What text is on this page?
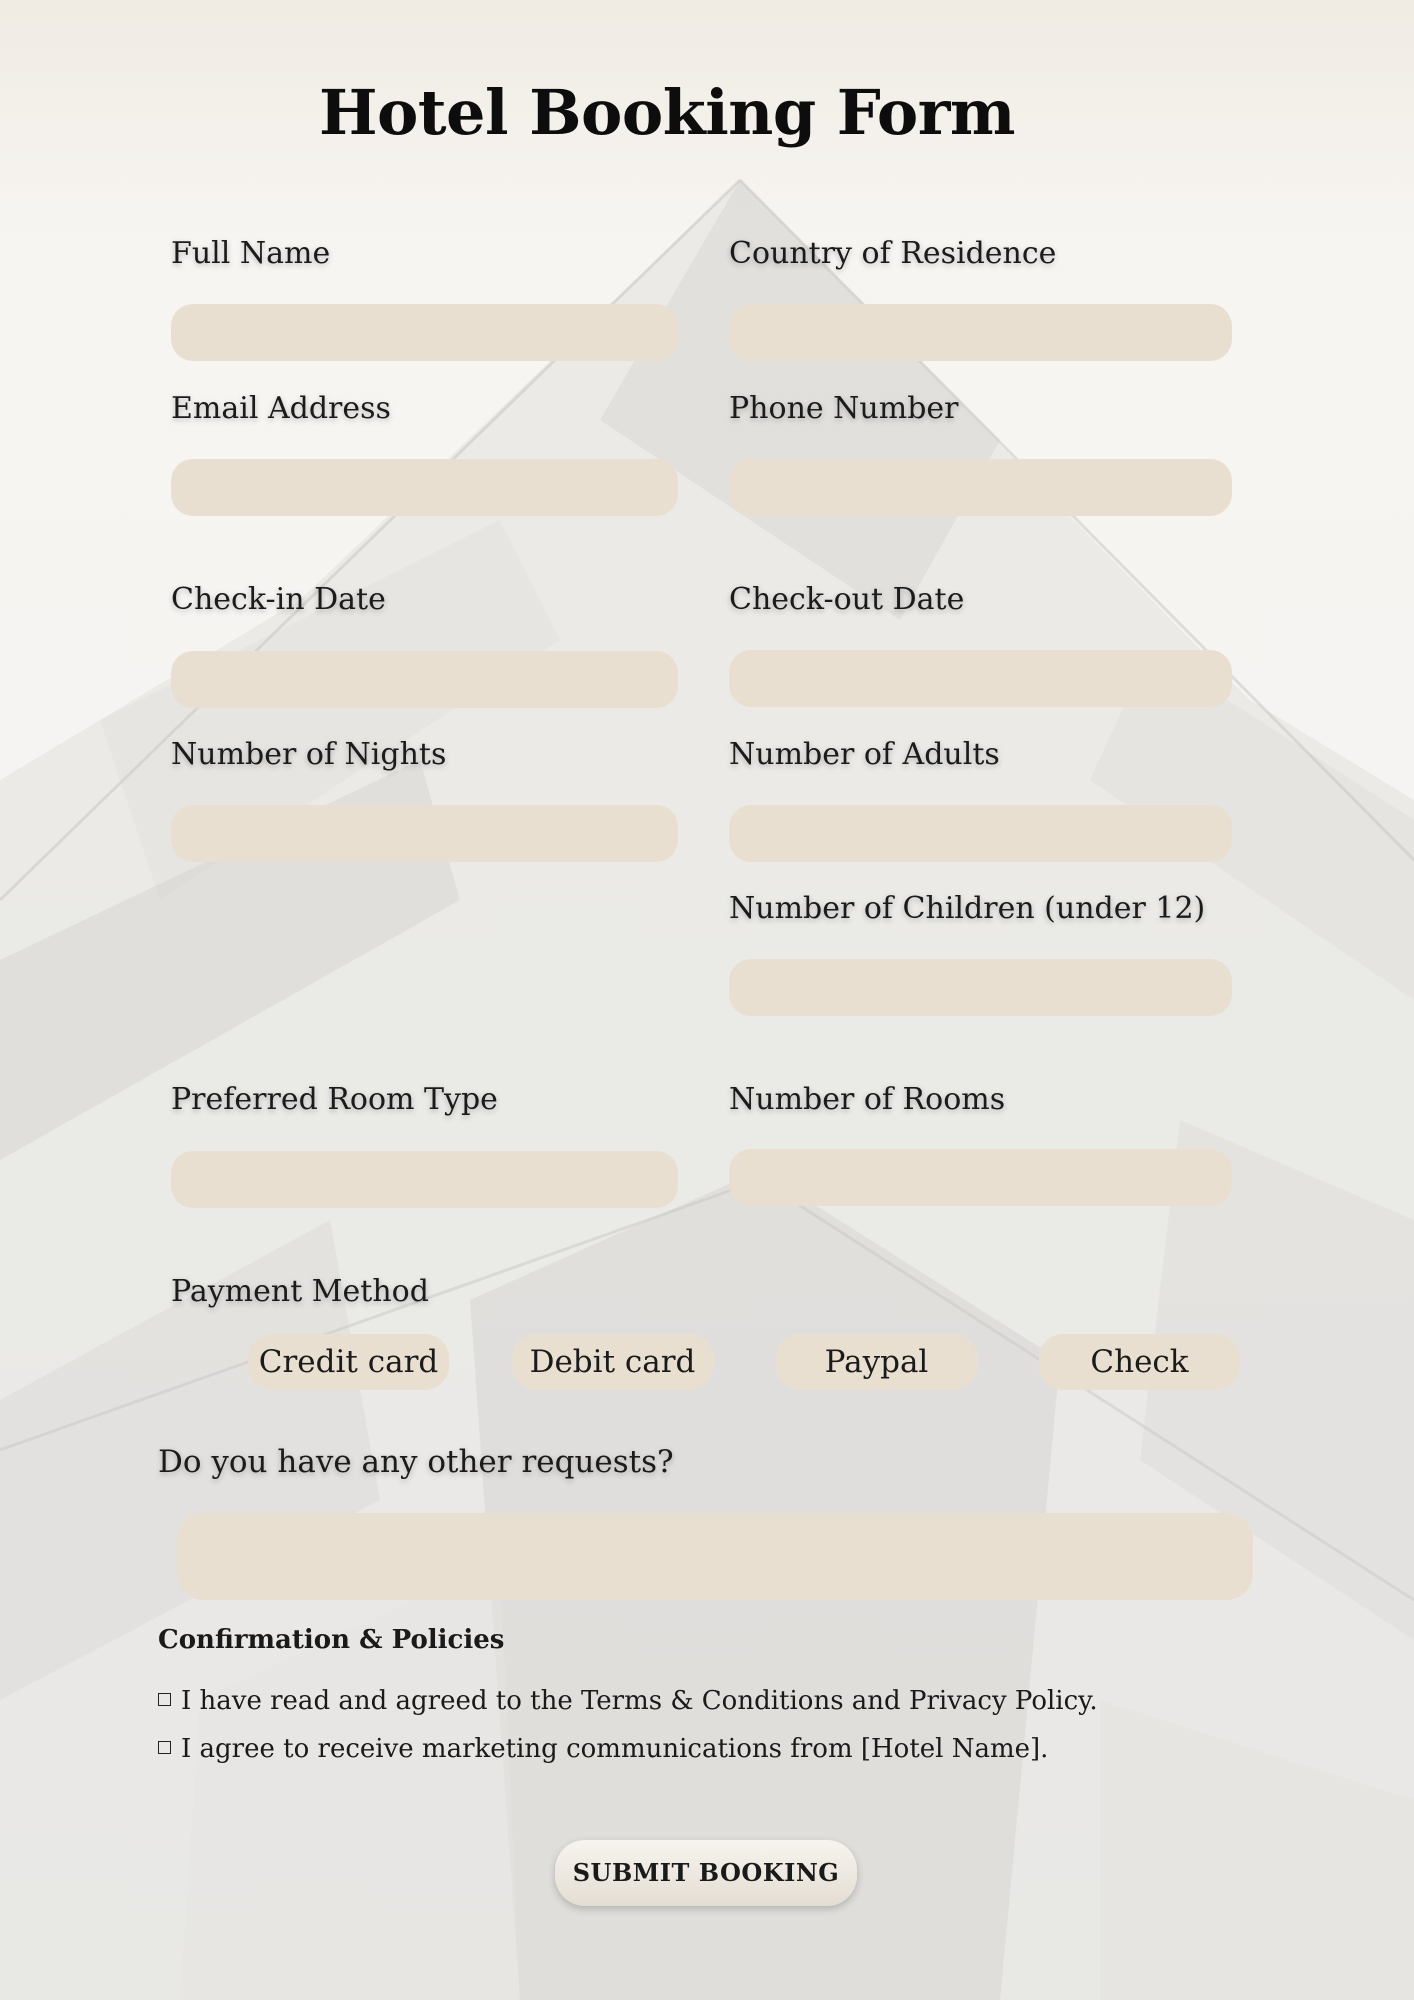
Hotel Booking Form
Full Name	Country of Residence
Email Address	Phone Number
Check-in Date	Check-out Date
Number of Nights	Number of Adults
Number of Children (under 12)
Preferred Room Type	Number of Rooms
Payment Method
Credit card	Debit card	Paypal	Check
Do you have any other requests?
Confirmation & Policies
I have read and agreed to the Terms & Conditions and Privacy Policy.
I agree to receive marketing communications from [Hotel Name].
SUBMIT BOOKING
